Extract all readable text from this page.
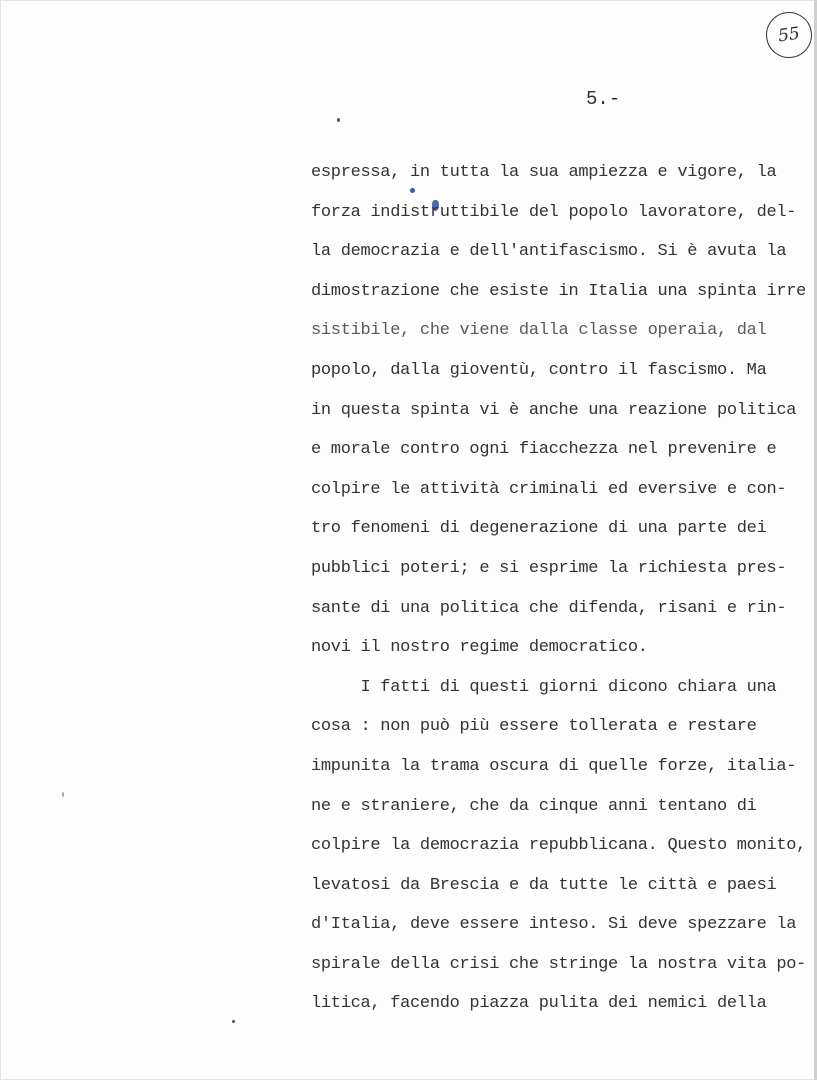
55
5.-
espressa, in tutta la sua ampiezza e vigore, la
forza indistruttibile del popolo lavoratore, del-
la democrazia e dell'antifascismo. Si è avuta la
dimostrazione che esiste in Italia una spinta irre
sistibile, che viene dalla classe operaia, dal
popolo, dalla gioventù, contro il fascismo. Ma
in questa spinta vi è anche una reazione politica
e morale contro ogni fiacchezza nel prevenire e
colpire le attività criminali ed eversive e con-
tro fenomeni di degenerazione di una parte dei
pubblici poteri; e si esprime la richiesta pres-
sante di una politica che difenda, risani e rin-
novi il nostro regime democratico.
I fatti di questi giorni dicono chiara una
cosa : non può più essere tollerata e restare
impunita la trama oscura di quelle forze, italia-
ne e straniere, che da cinque anni tentano di
colpire la democrazia repubblicana. Questo monito,
levatosi da Brescia e da tutte le città e paesi
d'Italia, deve essere inteso. Si deve spezzare la
spirale della crisi che stringe la nostra vita po-
litica, facendo piazza pulita dei nemici della
